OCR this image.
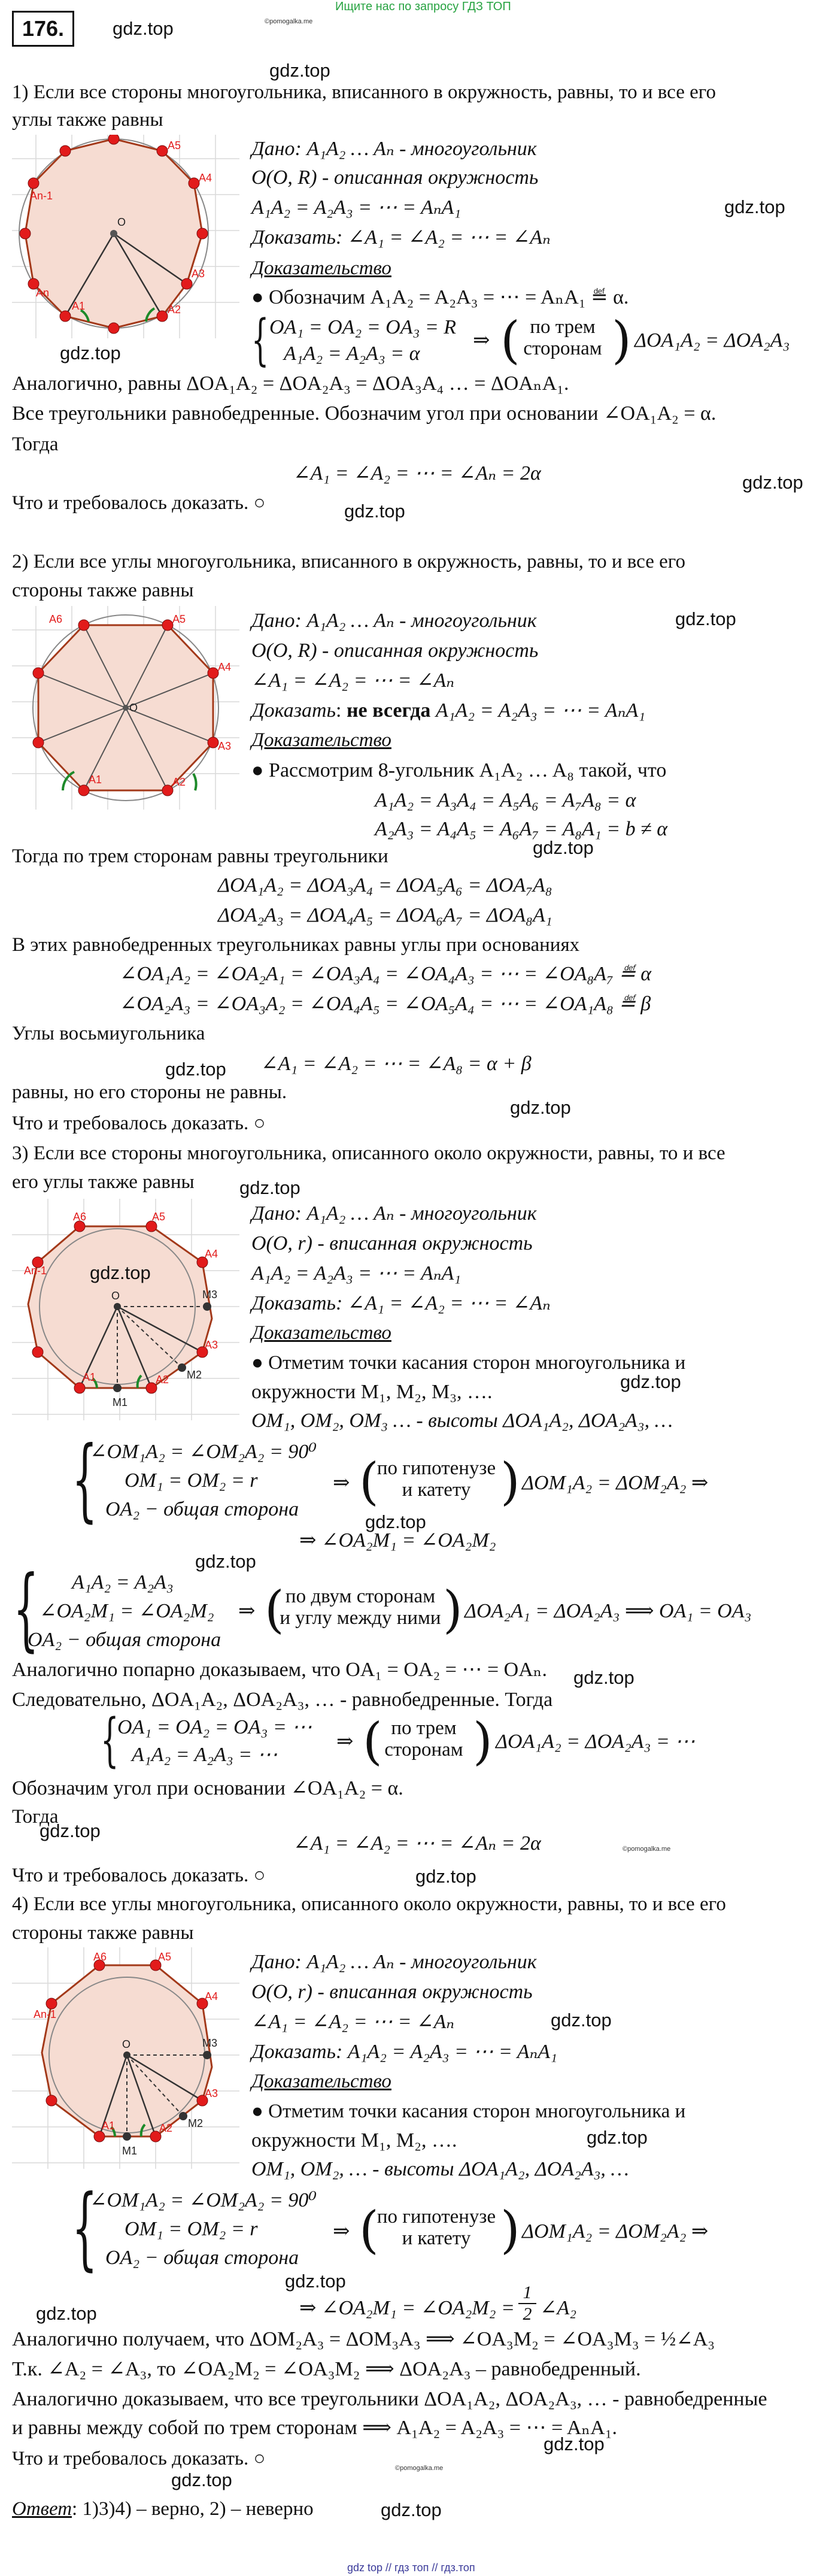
Ищите нас по запросу ГДЗ ТОП
176.	©pomogalka.me
gdz.top
gdz.top
1) Если все стороны многоугольника, вписанного в окружность, равны, то и все его
углы также равны
O
A5
A4
A3
A2
A1
An
An-1
gdz.top
Дано: A₁A₂ … Aₙ - многоугольник
O(O, R) - описанная окружность
A₁A₂ = A₂A₃ = ⋯ = AₙA₁	gdz.top
Доказать: ∠A₁ = ∠A₂ = ⋯ = ∠Aₙ
Доказательство
● Обозначим A₁A₂ = A₂A₃ = ⋯ = AₙA₁ ≝ α.
{ OA₁ = OA₂ = OA₃ = R
A₁A₂ = A₂A₃ = α
⇒ ( по трем
сторонам ) ΔOA₁A₂ = ΔOA₂A₃
Аналогично, равны ΔOA₁A₂ = ΔOA₂A₃ = ΔOA₃A₄ … = ΔOAₙA₁.
Все треугольники равнобедренные. Обозначим угол при основании ∠OA₁A₂ = α.
Тогда
∠A₁ = ∠A₂ = ⋯ = ∠Aₙ = 2α	gdz.top
Что и требовалось доказать. ○	gdz.top
2) Если все углы многоугольника, вписанного в окружность, равны, то и все его
стороны также равны
O
A6	A5
A4
A3
A2
A1
Дано: A₁A₂ … Aₙ - многоугольник	gdz.top
O(O, R) - описанная окружность
∠A₁ = ∠A₂ = ⋯ = ∠Aₙ
Доказать: не всегда A₁A₂ = A₂A₃ = ⋯ = AₙA₁
Доказательство
● Рассмотрим 8-угольник A₁A₂ … A₈ такой, что
A₁A₂ = A₃A₄ = A₅A₆ = A₇A₈ = α
A₂A₃ = A₄A₅ = A₆A₇ = A₈A₁ = b ≠ α
Тогда по трем сторонам равны треугольники	gdz.top
ΔOA₁A₂ = ΔOA₃A₄ = ΔOA₅A₆ = ΔOA₇A₈
ΔOA₂A₃ = ΔOA₄A₅ = ΔOA₆A₇ = ΔOA₈A₁
В этих равнобедренных треугольниках равны углы при основаниях
∠OA₁A₂ = ∠OA₂A₁ = ∠OA₃A₄ = ∠OA₄A₃ = ⋯ = ∠OA₈A₇ ≝ α
∠OA₂A₃ = ∠OA₃A₂ = ∠OA₄A₅ = ∠OA₅A₄ = ⋯ = ∠OA₁A₈ ≝ β
Углы восьмиугольника
∠A₁ = ∠A₂ = ⋯ = ∠A₈ = α + β
gdz.top
равны, но его стороны не равны.
gdz.top
Что и требовалось доказать. ○
3) Если все стороны многоугольника, описанного около окружности, равны, то и все
его углы также равны gdz.top
O
A6	A5
A4
A3
A2
A1
An-1
M1
M2
M3
gdz.top
Дано: A₁A₂ … Aₙ - многоугольник
O(O, r) - вписанная окружность
A₁A₂ = A₂A₃ = ⋯ = AₙA₁
Доказать: ∠A₁ = ∠A₂ = ⋯ = ∠Aₙ
Доказательство
● Отметим точки касания сторон многоугольника и
окружности M₁, M₂, M₃, ….	gdz.top
OM₁, OM₂, OM₃ … - высоты ΔOA₁A₂, ΔOA₂A₃, …
{
∠OM₁A₂ = ∠OM₂A₂ = 90⁰
OM₁ = OM₂ = r
OA₂ − общая сторона
⇒ (
по гипотенузе
и катету ) ΔOM₁A₂ = ΔOM₂A₂ ⇒
gdz.top
⇒ ∠OA₂M₁ = ∠OA₂M₂
gdz.top
{ A₁A₂ = A₂A₃
∠OA₂M₁ = ∠OA₂M₂
OA₂ − общая сторона
⇒ ( по двум сторонам
и углу между ними ) ΔOA₂A₁ = ΔOA₂A₃ ⟹ OA₁ = OA₃
Аналогично попарно доказываем, что OA₁ = OA₂ = ⋯ = OAₙ. gdz.top
Следовательно, ΔOA₁A₂, ΔOA₂A₃, … - равнобедренные. Тогда
{
OA₁ = OA₂ = OA₃ = ⋯
A₁A₂ = A₂A₃ = ⋯
⇒ ( по трем
сторонам ) ΔOA₁A₂ = ΔOA₂A₃ = ⋯
Обозначим угол при основании ∠OA₁A₂ = α.
Тогда
gdz.top
∠A₁ = ∠A₂ = ⋯ = ∠Aₙ = 2α	©pomogalka.me
Что и требовалось доказать. ○	gdz.top
4) Если все углы многоугольника, описанного около окружности, равны, то и все его
стороны также равны
O
A6	A5
A4
A3
A2
A1
An-1
M1
M2
M3
Дано: A₁A₂ … Aₙ - многоугольник
O(O, r) - вписанная окружность
∠A₁ = ∠A₂ = ⋯ = ∠Aₙ	gdz.top
Доказать: A₁A₂ = A₂A₃ = ⋯ = AₙA₁
Доказательство
● Отметим точки касания сторон многоугольника и
окружности M₁, M₂, ….	gdz.top
OM₁, OM₂, … - высоты ΔOA₁A₂, ΔOA₂A₃, …
{
∠OM₁A₂ = ∠OM₂A₂ = 90⁰
OM₁ = OM₂ = r
OA₂ − общая сторона
⇒ (
по гипотенузе
и катету ) ΔOM₁A₂ = ΔOM₂A₂ ⇒
gdz.top
⇒ ∠OA₂M₁ = ∠OA₂M₂ =
1
2 ∠A₂
gdz.top
Аналогично получаем, что ΔOM₂A₃ = ΔOM₃A₃ ⟹ ∠OA₃M₂ = ∠OA₃M₃ = ½∠A₃
Т.к. ∠A₂ = ∠A₃, то ∠OA₂M₂ = ∠OA₃M₂ ⟹ ΔOA₂A₃ – равнобедренный.
Аналогично доказываем, что все треугольники ΔOA₁A₂, ΔOA₂A₃, … - равнобедренные
и равны между собой по трем сторонам ⟹ A₁A₂ = A₂A₃ = ⋯ = AₙA₁.
Что и требовалось доказать. ○
gdz.top
©pomogalka.me
gdz.top
Ответ: 1)3)4) – верно, 2) – неверно	gdz.top
gdz top // гдз топ // гдз.топ
